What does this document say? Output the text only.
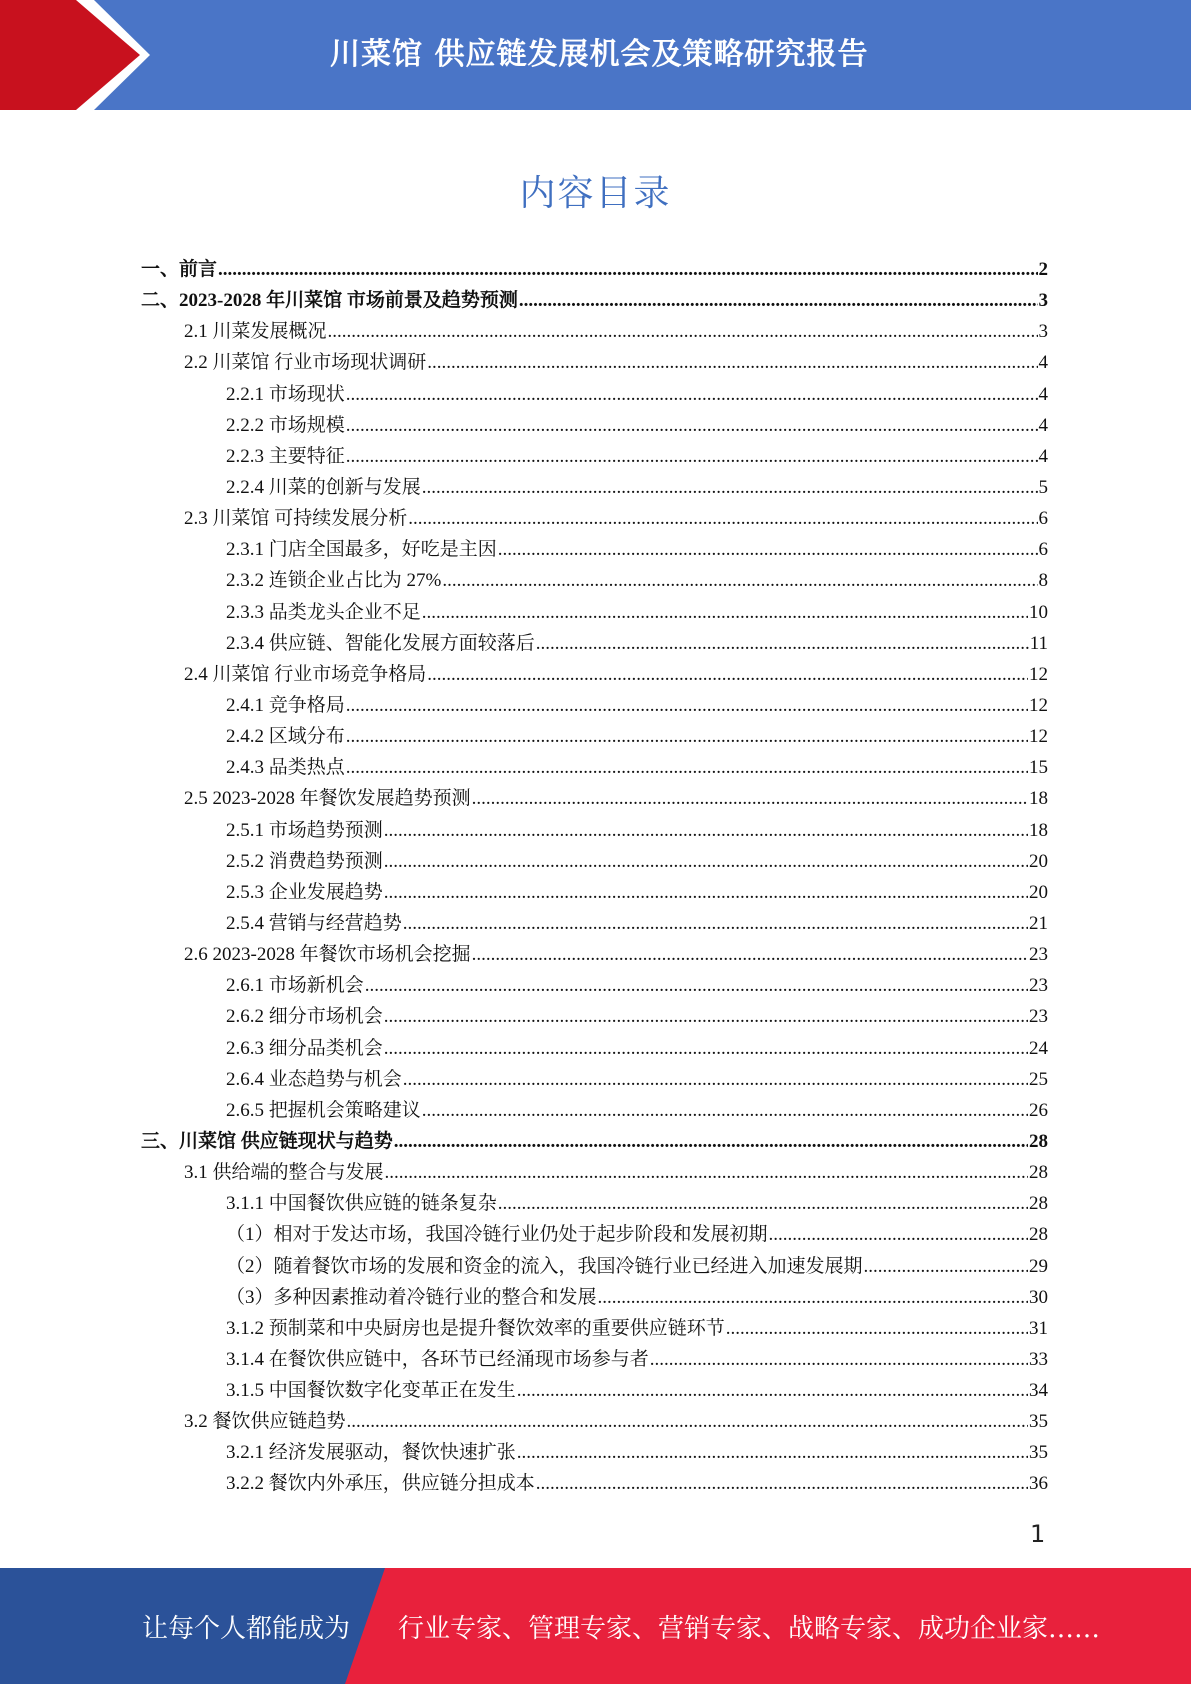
川菜馆 供应链发展机会及策略研究报告
内容目录
一、前言 .....	2
二、2023-2028 年川菜馆 市场前景及趋势预测 .....	3
2.1 川菜发展概况 .....	3
2.2 川菜馆 行业市场现状调研 .....	4
2.2.1 市场现状 .....	4
2.2.2 市场规模 .....	4
2.2.3 主要特征 .....	4
2.2.4 川菜的创新与发展 .....	5
2.3 川菜馆 可持续发展分析 .....	6
2.3.1 门店全国最多，好吃是主因 .....	6
2.3.2 连锁企业占比为 27% .....	8
2.3.3 品类龙头企业不足 .....	10
2.3.4 供应链、智能化发展方面较落后 .....	11
2.4 川菜馆 行业市场竞争格局 .....	12
2.4.1 竞争格局 .....	12
2.4.2 区域分布 .....	12
2.4.3 品类热点 .....	15
2.5 2023-2028 年餐饮发展趋势预测 .....	18
2.5.1 市场趋势预测 .....	18
2.5.2 消费趋势预测 .....	20
2.5.3 企业发展趋势 .....	20
2.5.4 营销与经营趋势 .....	21
2.6 2023-2028 年餐饮市场机会挖掘 .....	23
2.6.1 市场新机会 .....	23
2.6.2 细分市场机会 .....	23
2.6.3 细分品类机会 .....	24
2.6.4 业态趋势与机会 .....	25
2.6.5 把握机会策略建议 .....	26
三、川菜馆 供应链现状与趋势 .....	28
3.1 供给端的整合与发展 .....	28
3.1.1 中国餐饮供应链的链条复杂 .....	28
（1）相对于发达市场，我国冷链行业仍处于起步阶段和发展初期 .....	28
（2）随着餐饮市场的发展和资金的流入，我国冷链行业已经进入加速发展期 .....	29
（3）多种因素推动着冷链行业的整合和发展 .....	30
3.1.2 预制菜和中央厨房也是提升餐饮效率的重要供应链环节 .....	31
3.1.4 在餐饮供应链中，各环节已经涌现市场参与者 .....	33
3.1.5 中国餐饮数字化变革正在发生 .....	34
3.2 餐饮供应链趋势 .....	35
3.2.1 经济发展驱动，餐饮快速扩张 .....	35
3.2.2 餐饮内外承压，供应链分担成本 .....	36
1
让每个人都能成为 行业专家、管理专家、营销专家、战略专家、成功企业家……
